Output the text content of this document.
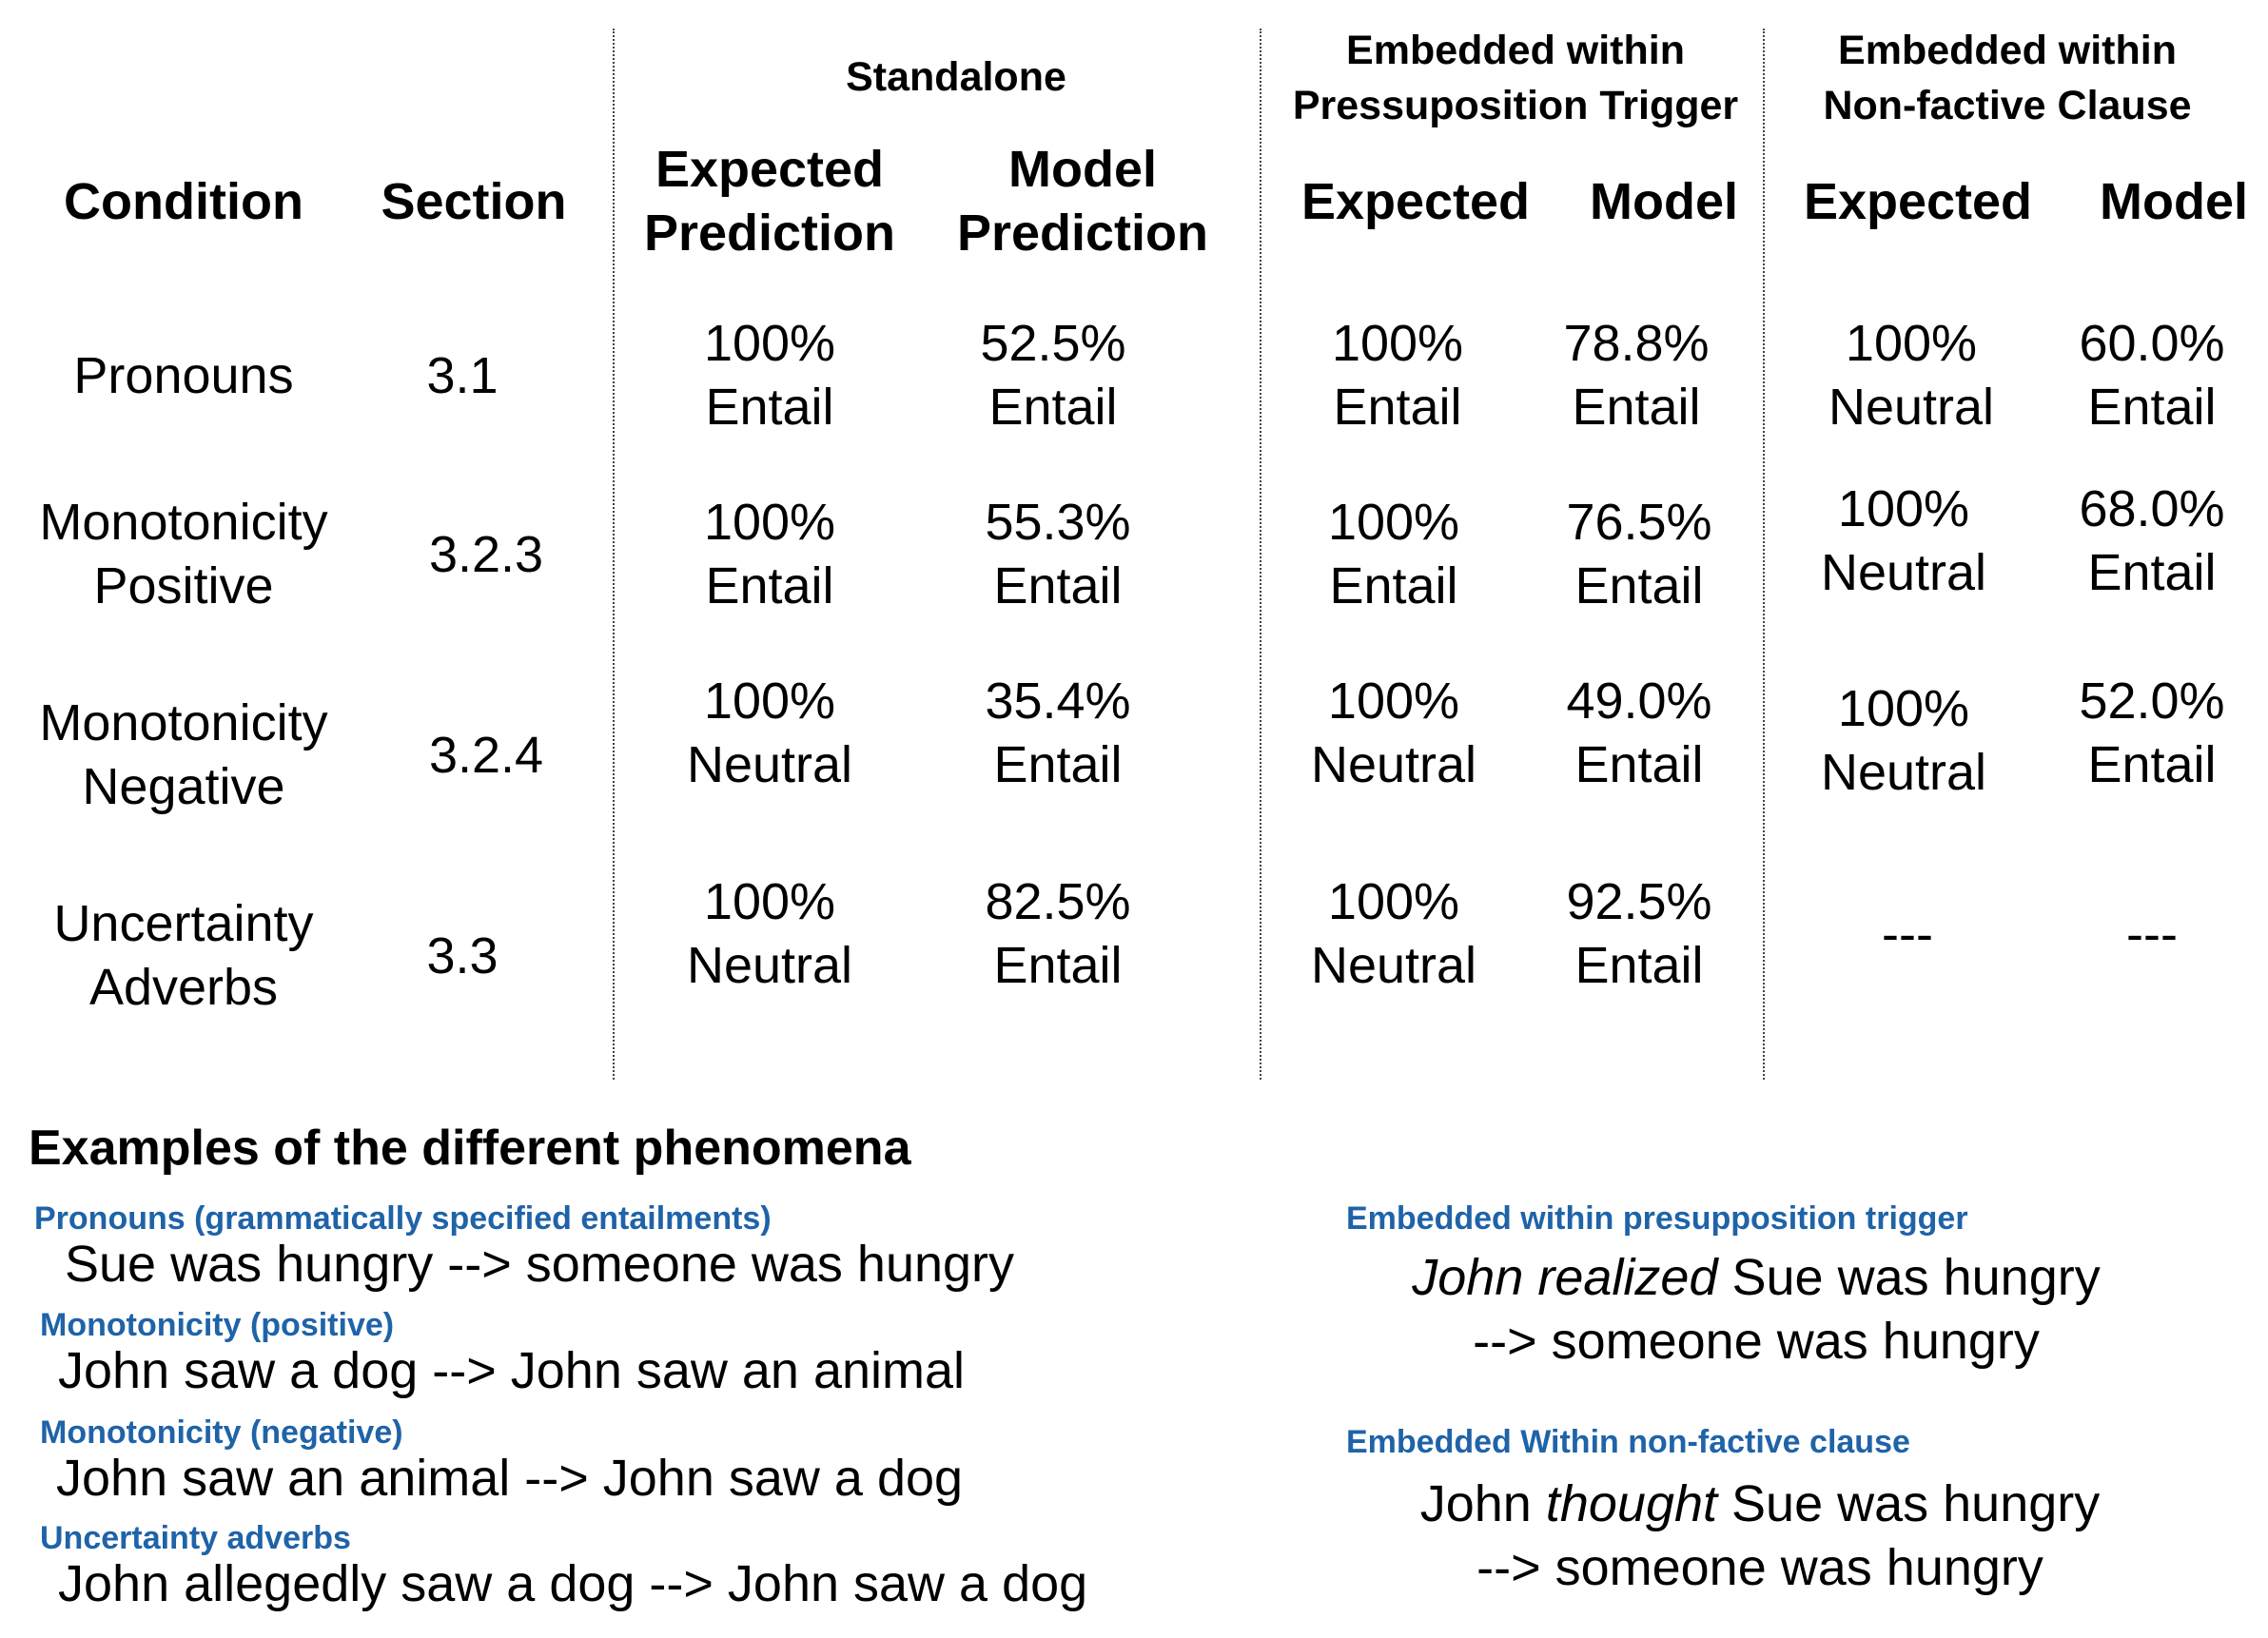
Standalone
Embedded within
Pressuposition Trigger
Embedded within
Non-factive Clause
Condition Section
Expected
Prediction
Model
Prediction
Expected Model Expected Model
Pronouns	3.1
100%
Entail
52.5%
Entail
100%
Entail
78.8%
Entail
100%
Neutral
60.0%
Entail
Monotonicity
Positive
3.2.3
100%
Entail
55.3%
Entail
100%
Entail
76.5%
Entail
100%
Neutral
68.0%
Entail
Monotonicity
Negative
3.2.4
100%
Neutral
35.4%
Entail
100%
Neutral
49.0%
Entail
100%
Neutral
52.0%
Entail
Uncertainty
Adverbs
3.3
100%
Neutral
82.5%
Entail
100%
Neutral
92.5%
Entail
---	---
Examples of the different phenomena
Pronouns (grammatically specified entailments)
Sue was hungry --> someone was hungry
Monotonicity (positive)
John saw a dog --> John saw an animal
Monotonicity (negative)
John saw an animal --> John saw a dog
Uncertainty adverbs
John allegedly saw a dog --> John saw a dog
Embedded within presupposition trigger
John realized Sue was hungry
--> someone was hungry
Embedded Within non-factive clause
John thought Sue was hungry
--> someone was hungry
